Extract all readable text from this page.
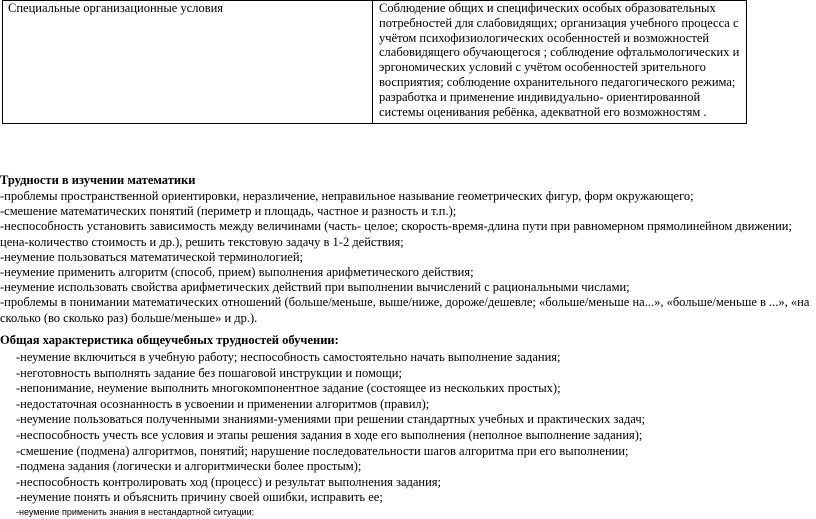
Специальные организационные условия	Соблюдение общих и специфических особых образовательных
потребностей для слабовидящих; организация учебного процесса с
учётом психофизиологических особенностей и возможностей
слабовидящего обучающегося ; соблюдение офтальмологических и
эргономических условий с учётом особенностей зрительного
восприятия; соблюдение охранительного педагогического режима;
разработка и применение индивидуально- ориентированной
системы оценивания ребёнка, адекватной его возможностям .
Трудности в изучении математики
-проблемы пространственной ориентировки, неразличение, неправильное называние геометрических фигур, форм окружающего;
-смешение математических понятий (периметр и площадь, частное и разность и т.п.);
-неспособность установить зависимость между величинами (часть- целое; скорость-время-длина пути при равномерном прямолинейном движении;
цена-количество стоимость и др.), решить текстовую задачу в 1-2 действия;
-неумение пользоваться математической терминологией;
-неумение применить алгоритм (способ, прием) выполнения арифметического действия;
-неумение использовать свойства арифметических действий при выполнении вычислений с рациональными числами;
-проблемы в понимании математических отношений (больше/меньше, выше/ниже, дороже/дешевле; «больше/меньше на...», «больше/меньше в ...», «на
сколько (во сколько раз) больше/меньше» и др.).
Общая характеристика общеучебных трудностей обучении:
-неумение включиться в учебную работу; неспособность самостоятельно начать выполнение задания;
-неготовность выполнять задание без пошаговой инструкции и помощи;
-непонимание, неумение выполнить многокомпонентное задание (состоящее из нескольких простых);
-недостаточная осознанность в усвоении и применении алгоритмов (правил);
-неумение пользоваться полученными знаниями-умениями при решении стандартных учебных и практических задач;
-неспособность учесть все условия и этапы решения задания в ходе его выполнения (неполное выполнение задания);
-смешение (подмена) алгоритмов, понятий; нарушение последовательности шагов алгоритма при его выполнении;
-подмена задания (логически и алгоритмически более простым);
-неспособность контролировать ход (процесс) и результат выполнения задания;
-неумение понять и объяснить причину своей ошибки, исправить ее;
-неумение применить знания в нестандартной ситуации;
